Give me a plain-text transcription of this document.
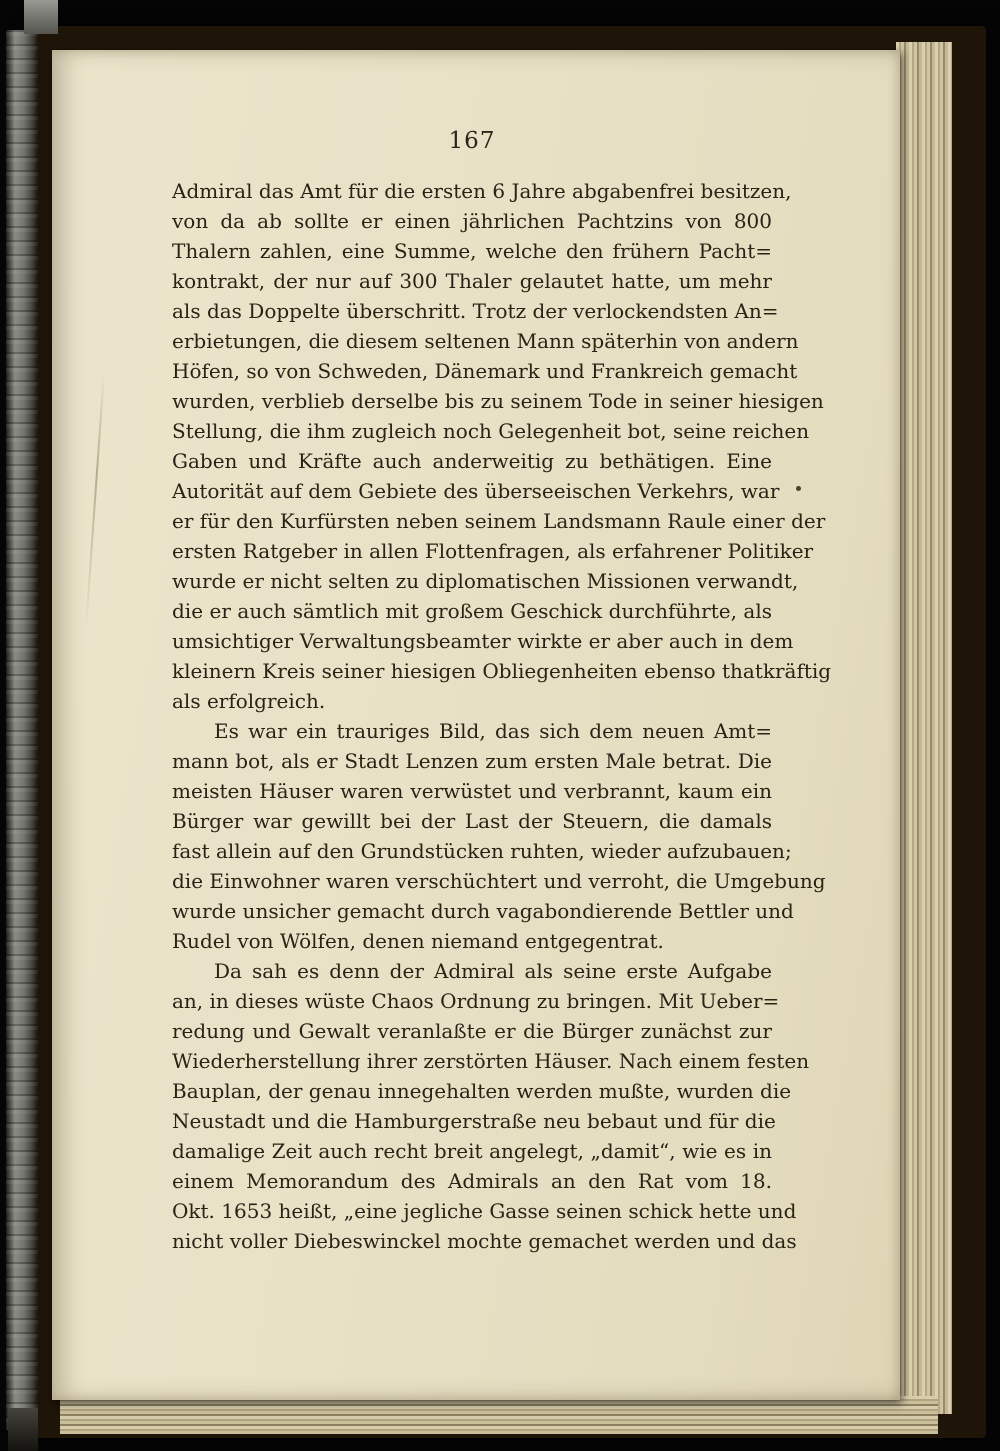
167
Admiral das Amt für die ersten 6 Jahre abgabenfrei besitzen,
von da ab sollte er einen jährlichen Pachtzins von 800
Thalern zahlen, eine Summe, welche den frühern Pacht=
kontrakt, der nur auf 300 Thaler gelautet hatte, um mehr
als das Doppelte überschritt. Trotz der verlockendsten An=
erbietungen, die diesem seltenen Mann späterhin von andern
Höfen, so von Schweden, Dänemark und Frankreich gemacht
wurden, verblieb derselbe bis zu seinem Tode in seiner hiesigen
Stellung, die ihm zugleich noch Gelegenheit bot, seine reichen
Gaben und Kräfte auch anderweitig zu bethätigen. Eine
Autorität auf dem Gebiete des überseeischen Verkehrs, war
er für den Kurfürsten neben seinem Landsmann Raule einer der
ersten Ratgeber in allen Flottenfragen, als erfahrener Politiker
wurde er nicht selten zu diplomatischen Missionen verwandt,
die er auch sämtlich mit großem Geschick durchführte, als
umsichtiger Verwaltungsbeamter wirkte er aber auch in dem
kleinern Kreis seiner hiesigen Obliegenheiten ebenso thatkräftig
als erfolgreich.
Es war ein trauriges Bild, das sich dem neuen Amt=
mann bot, als er Stadt Lenzen zum ersten Male betrat. Die
meisten Häuser waren verwüstet und verbrannt, kaum ein
Bürger war gewillt bei der Last der Steuern, die damals
fast allein auf den Grundstücken ruhten, wieder aufzubauen;
die Einwohner waren verschüchtert und verroht, die Umgebung
wurde unsicher gemacht durch vagabondierende Bettler und
Rudel von Wölfen, denen niemand entgegentrat.
Da sah es denn der Admiral als seine erste Aufgabe
an, in dieses wüste Chaos Ordnung zu bringen. Mit Ueber=
redung und Gewalt veranlaßte er die Bürger zunächst zur
Wiederherstellung ihrer zerstörten Häuser. Nach einem festen
Bauplan, der genau innegehalten werden mußte, wurden die
Neustadt und die Hamburgerstraße neu bebaut und für die
damalige Zeit auch recht breit angelegt, „damit“, wie es in
einem Memorandum des Admirals an den Rat vom 18.
Okt. 1653 heißt, „eine jegliche Gasse seinen schick hette und
nicht voller Diebeswinckel mochte gemachet werden und das
